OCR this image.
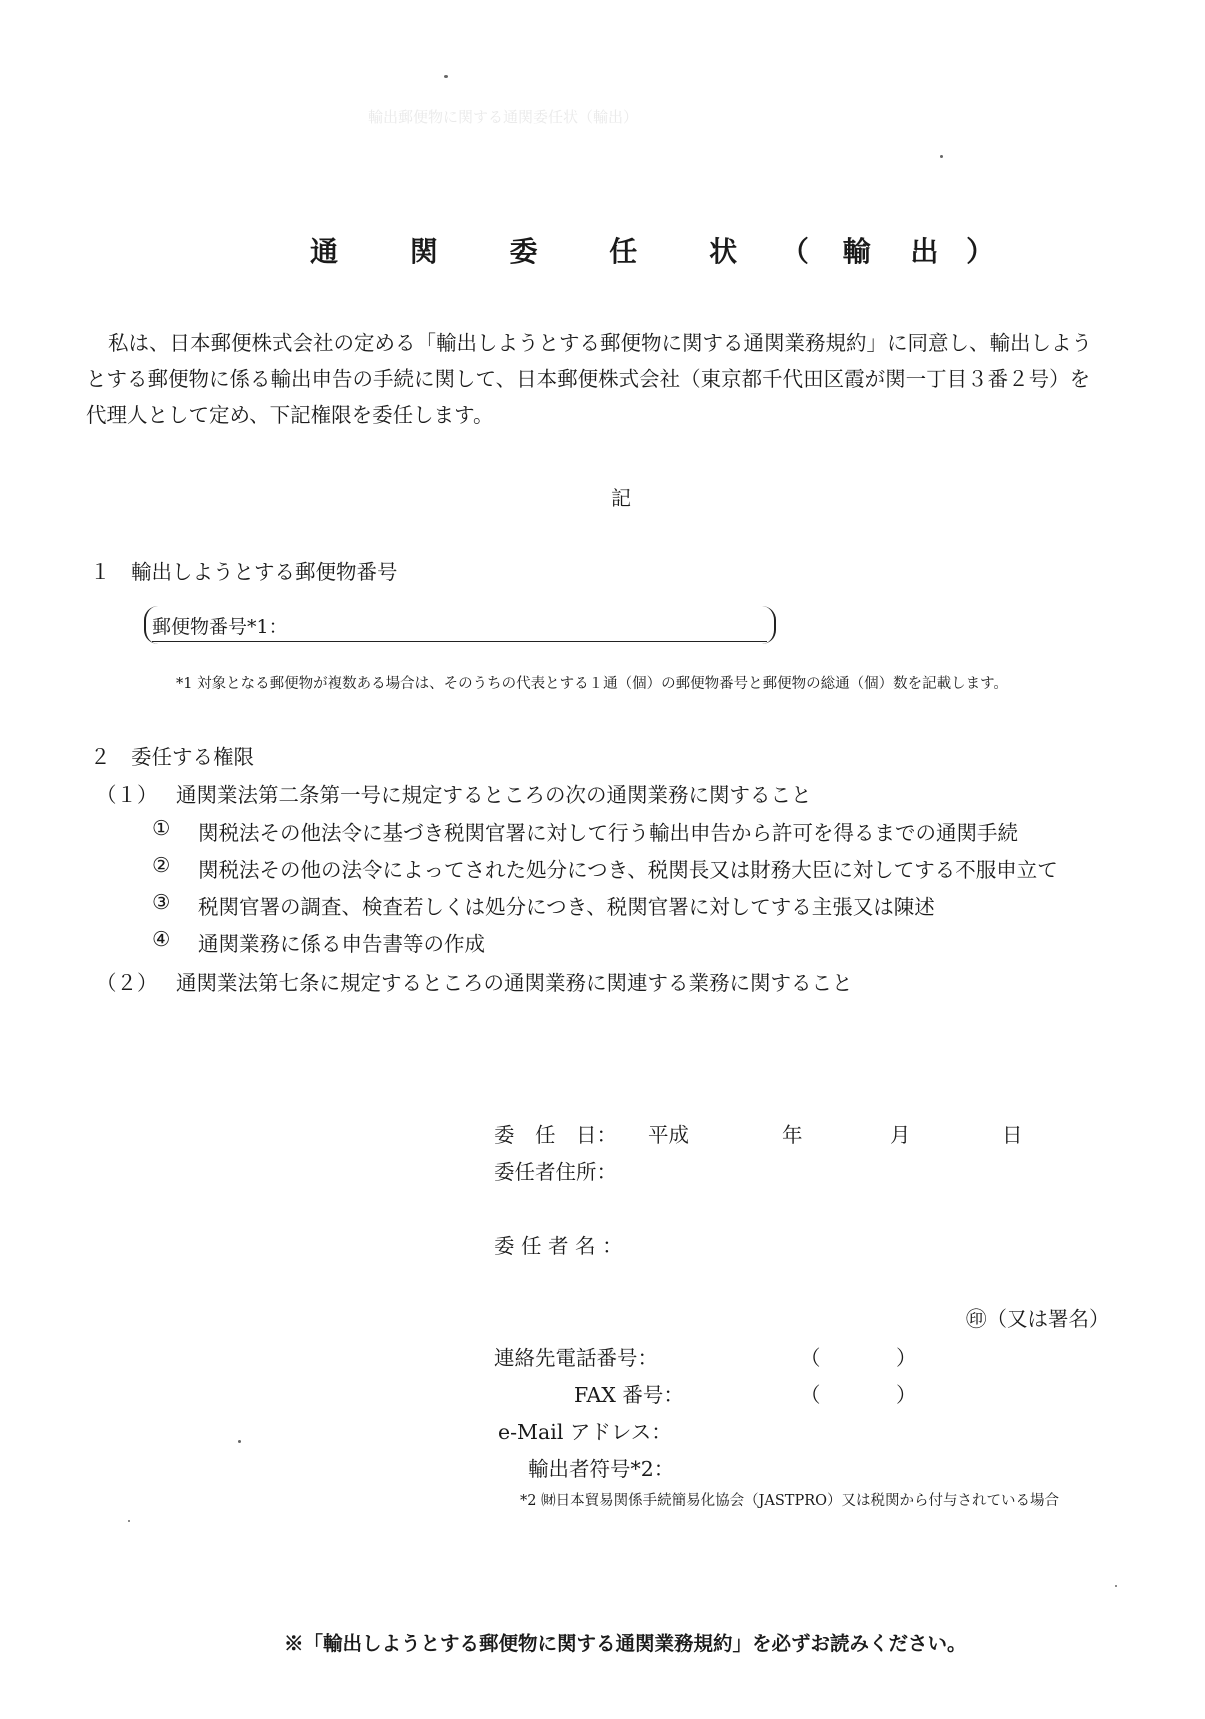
輸出郵便物に関する通関委任状（輸出）
通 関 委 任 状 （ 輸 出 ）

私は、日本郵便株式会社の定める「輸出しようとする郵便物に関する通関業務規約」に同意し、輸出しよう

とする郵便物に係る輸出申告の手続に関して、日本郵便株式会社（東京都千代田区霞が関一丁目３番２号）を

代理人として定め、下記権限を委任します。

記
１　輸出しようとする郵便物番号
郵便物番号*1：
*1 対象となる郵便物が複数ある場合は、そのうちの代表とする１通（個）の郵便物番号と郵便物の総通（個）数を記載します。
２　委任する権限
（１） 通関業法第二条第一号に規定するところの次の通関業務に関すること
① 関税法その他法令に基づき税関官署に対して行う輸出申告から許可を得るまでの通関手続
② 関税法その他の法令によってされた処分につき、税関長又は財務大臣に対してする不服申立て
③ 税関官署の調査、検査若しくは処分につき、税関官署に対してする主張又は陳述
④ 通関業務に係る申告書等の作成
（２） 通関業法第七条に規定するところの通関業務に関連する業務に関すること
委　任　日： 平成	年	月	日
委任者住所：
委 任 者 名 ：
㊞（又は署名）
連絡先電話番号：	（	）
FAX 番号：	（	）
e-Mail アドレス：
輸出者符号*2：
*2 ㈶日本貿易関係手続簡易化協会（JASTPRO）又は税関から付与されている場合
※「輸出しようとする郵便物に関する通関業務規約」を必ずお読みください。
